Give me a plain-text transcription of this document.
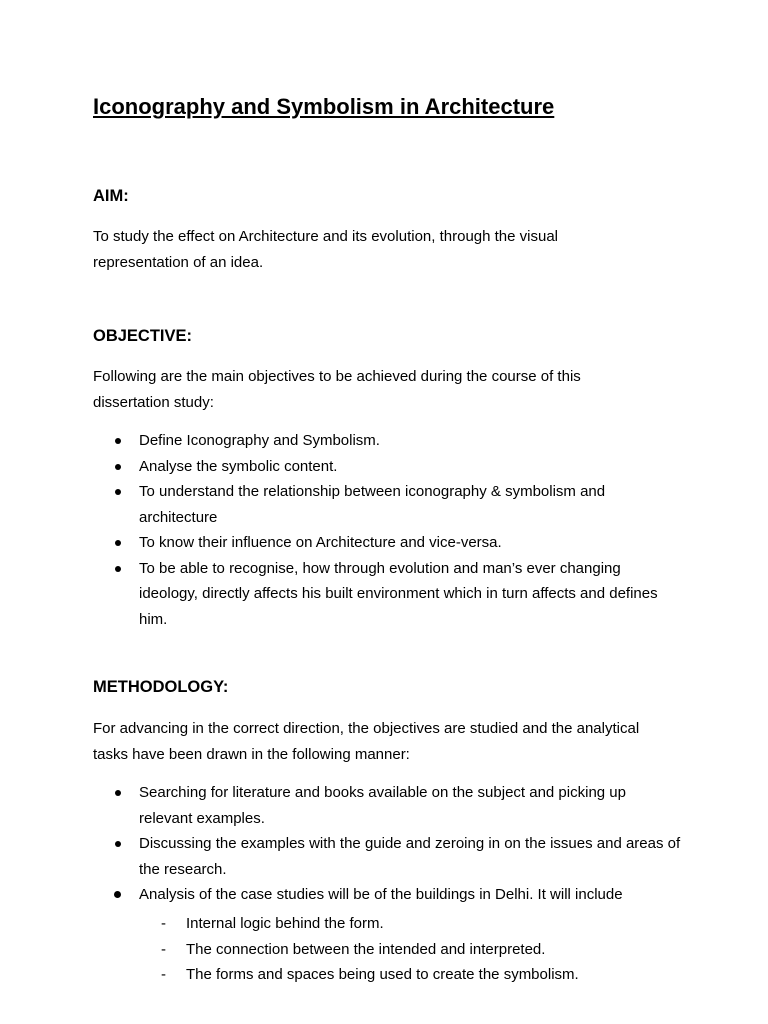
Iconography and Symbolism in Architecture
AIM:

To study the effect on Architecture and its evolution, through the visual representation of an idea.

OBJECTIVE:

Following are the main objectives to be achieved during the course of this dissertation study:

Define Iconography and Symbolism.
Analyse the symbolic content.
To understand the relationship between iconography & symbolism and architecture
To know their influence on Architecture and vice-versa.
To be able to recognise, how through evolution and man’s ever changing ideology, directly affects his built environment which in turn affects and defines him.
METHODOLOGY:

For advancing in the correct direction, the objectives are studied and the analytical tasks have been drawn in the following manner:

Searching for literature and books available on the subject and picking up relevant examples.
Discussing the examples with the guide and zeroing in on the issues and areas of the research.
Analysis of the case studies will be of the buildings in Delhi. It will include
- Internal logic behind the form.
- The connection between the intended and interpreted.
- The forms and spaces being used to create the symbolism.
